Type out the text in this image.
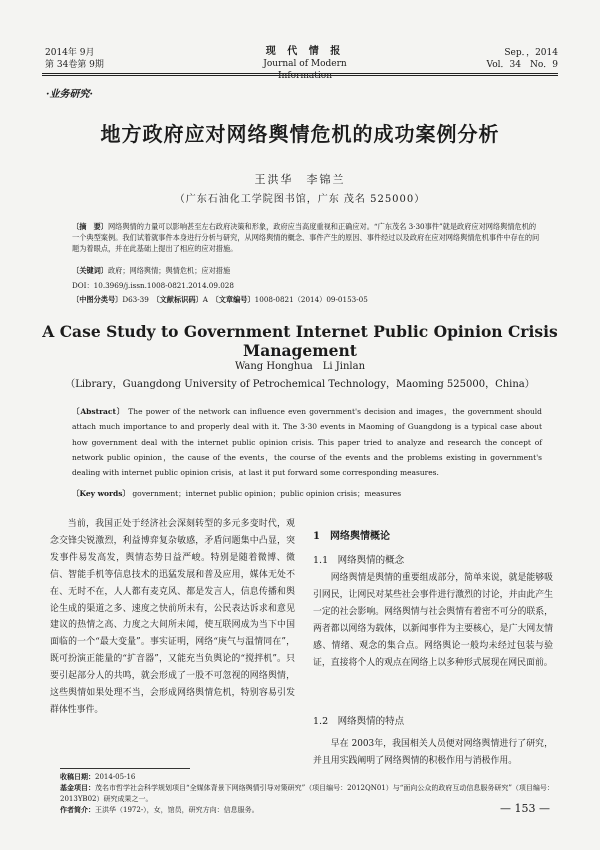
2014年 9月
第 34卷第 9期
现 代 情 报
Journal of Modern Information
Sep．，2014
Vol．34　No．9
·业务研究·
地方政府应对网络舆情危机的成功案例分析
王洪华　李锦兰
（广东石油化工学院图书馆，广东 茂名 525000）
〔摘　要〕网络舆情的力量可以影响甚至左右政府决策和形象，政府应当高度重视和正确应对。“广东茂名 3·30事件”就是政府应对网络舆情危机的一个典型案例。我们试着就事件本身进行分析与研究，从网络舆情的概念、事件产生的原因、事件经过以及政府在应对网络舆情危机事件中存在的问题为着眼点，并在此基础上提出了相应的应对措施。
〔关键词〕政府；网络舆情；舆情危机；应对措施
DOI：10.3969/j.issn.1008-0821.2014.09.028
〔中图分类号〕D63-39　 〔文献标识码〕A　 〔文章编号〕1008-0821（2014）09-0153-05
A Case Study to Government Internet Public Opinion Crisis Management
Wang Honghua　Li Jinlan
（Library，Guangdong University of Petrochemical Technology，Maoming 525000，China）
〔Abstract〕 The power of the network can influence even government's decision and images，the government should attach much importance to and properly deal with it. The 3·30 events in Maoming of Guangdong is a typical case about how government deal with the internet public opinion crisis. This paper tried to analyze and research the concept of network public opinion，the cause of the events，the course of the events and the problems existing in government's dealing with internet public opinion crisis，at last it put forward some corresponding measures.
〔Key words〕 government；internet public opinion；public opinion crisis；measures
当前，我国正处于经济社会深刻转型的多元多变时代，观念交锋尖锐激烈，利益博弈复杂敏感，矛盾问题集中凸显，突发事件易发高发，舆情态势日益严峻。特别是随着微博、微信、智能手机等信息技术的迅猛发展和普及应用，媒体无处不在、无时不在，人人都有麦克风、都是发言人，信息传播和舆论生成的渠道之多、速度之快前所未有，公民表达诉求和意见建议的热情之高、力度之大间所未闻，使互联网成为当下中国面临的一个“最大变量”。事实证明，网络“庚气与温情同在”，既可扮演正能量的“扩音器”，又能充当负舆论的“搅拌机”。只要引起部分人的共鸣，就会形成了一股不可忽视的网络舆情，这些舆情如果处理不当，会形成网络舆情危机，特别容易引发群体性事件。
1　网络舆情概论
1.1　网络舆情的概念
网络舆情是舆情的重要组成部分，简单来说，就是能够吸引网民，让网民对某些社会事件进行激烈的讨论，并由此产生一定的社会影响。网络舆情与社会舆情有着密不可分的联系，两者都以网络为载体，以新闻事件为主要核心，是广大网友情感、情绪、观念的集合点。网络舆论一般均未经过包装与验证，直接将个人的观点在网络上以多种形式展现在网民面前。
1.2　网络舆情的特点
早在 2003年，我国相关人员便对网络舆情进行了研究，并且用实践阐明了网络舆情的积极作用与消极作用。
收稿日期：2014-05-16
基金项目：茂名市哲学社会科学规划项目“全媒体背景下网络舆情引导对策研究”（项目编号：2012QN01）与“面向公众的政府互动信息服务研究”（项目编号：2013YB02）研究成果之一。
作者简介：王洪华（1972-），女，馆员，研究方向：信息服务。	— 153 —
